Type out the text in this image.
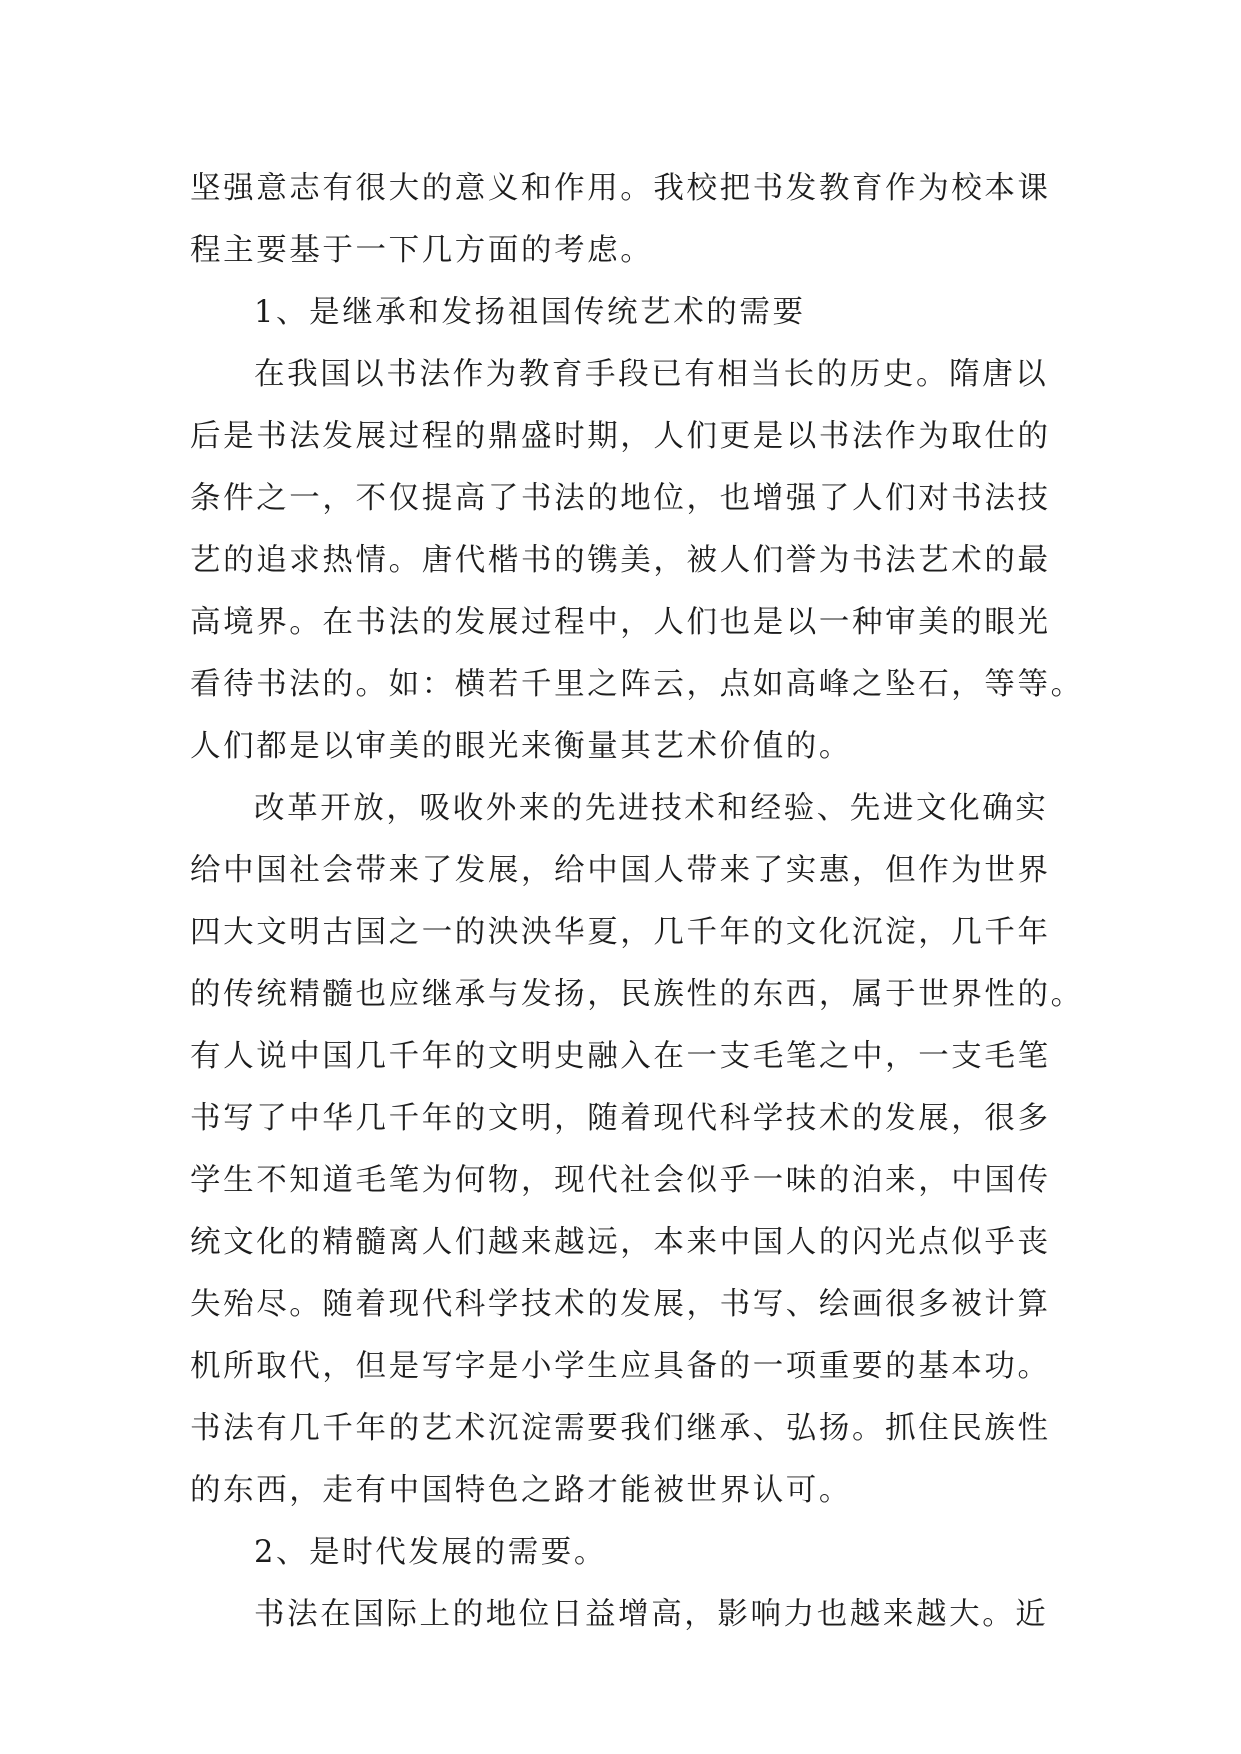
坚强意志有很大的意义和作用。我校把书发教育作为校本课
程主要基于一下几方面的考虑。
1、是继承和发扬祖国传统艺术的需要
在我国以书法作为教育手段已有相当长的历史。隋唐以
后是书法发展过程的鼎盛时期，人们更是以书法作为取仕的
条件之一，不仅提高了书法的地位，也增强了人们对书法技
艺的追求热情。唐代楷书的镌美，被人们誉为书法艺术的最
高境界。在书法的发展过程中，人们也是以一种审美的眼光
看待书法的。如：横若千里之阵云，点如高峰之坠石，等等。
人们都是以审美的眼光来衡量其艺术价值的。
改革开放，吸收外来的先进技术和经验、先进文化确实
给中国社会带来了发展，给中国人带来了实惠，但作为世界
四大文明古国之一的泱泱华夏，几千年的文化沉淀，几千年
的传统精髓也应继承与发扬，民族性的东西，属于世界性的。
有人说中国几千年的文明史融入在一支毛笔之中，一支毛笔
书写了中华几千年的文明，随着现代科学技术的发展，很多
学生不知道毛笔为何物，现代社会似乎一味的泊来，中国传
统文化的精髓离人们越来越远，本来中国人的闪光点似乎丧
失殆尽。随着现代科学技术的发展，书写、绘画很多被计算
机所取代，但是写字是小学生应具备的一项重要的基本功。
书法有几千年的艺术沉淀需要我们继承、弘扬。抓住民族性
的东西，走有中国特色之路才能被世界认可。
2、是时代发展的需要。
书法在国际上的地位日益增高，影响力也越来越大。近
